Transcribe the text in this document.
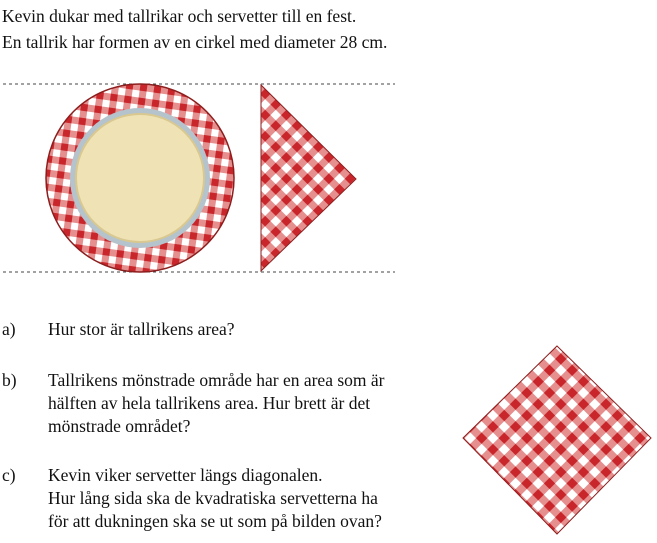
Kevin dukar med tallrikar och servetter till en fest.

En tallrik har formen av en cirkel med diameter 28 cm.

a)	Hur stor är tallrikens area?
b)	Tallrikens mönstrade område har en area som är
hälften av hela tallrikens area. Hur brett är det
mönstrade området?
c)	Kevin viker servetter längs diagonalen.
Hur lång sida ska de kvadratiska servetterna ha
för att dukningen ska se ut som på bilden ovan?
